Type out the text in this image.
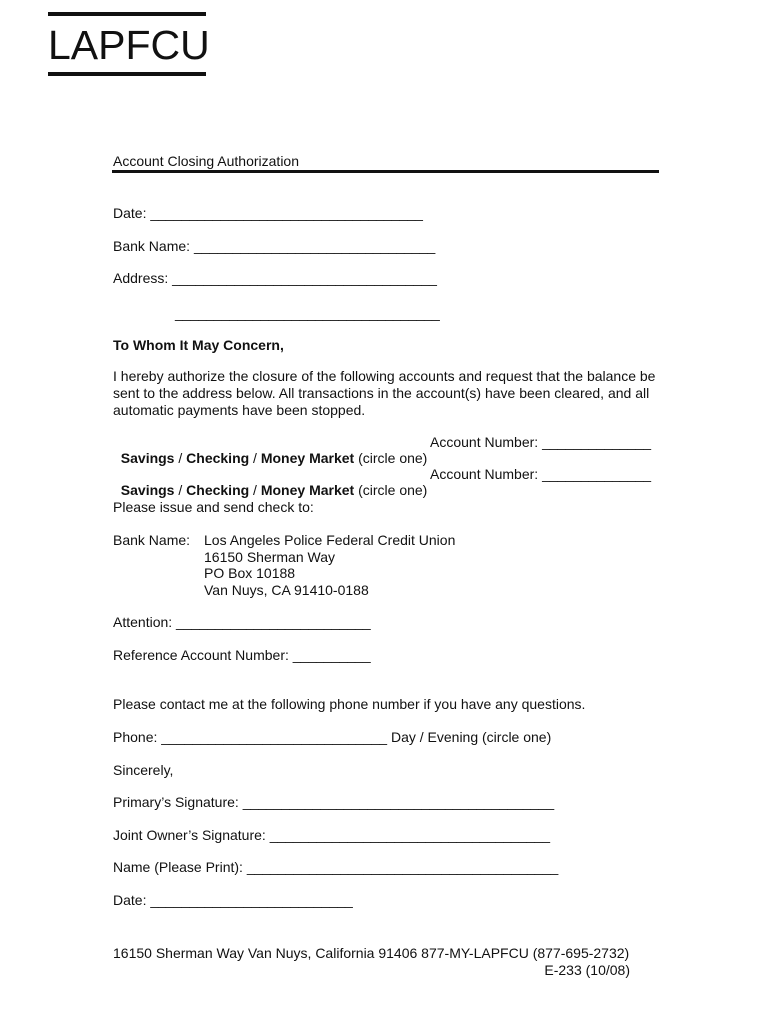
LAPFCU
Account Closing Authorization
Date: ___________________________________
Bank Name: _______________________________
Address: __________________________________
__________________________________
To Whom It May Concern,
I hereby authorize the closure of the following accounts and request that the balance be sent to the address below. All transactions in the account(s) have been cleared, and all automatic payments have been stopped.

Savings / Checking / Money Market (circle one)

Account Number: ______________

Savings / Checking / Money Market (circle one)

Account Number: ______________

Please issue and send check to:
Bank Name: Los Angeles Police Federal Credit Union
16150 Sherman Way
PO Box 10188
Van Nuys, CA 91410-0188
Attention: _________________________
Reference Account Number: __________
Please contact me at the following phone number if you have any questions.
Phone: _____________________________ Day / Evening (circle one)
Sincerely,
Primary’s Signature: ________________________________________
Joint Owner’s Signature: ____________________________________
Name (Please Print): ________________________________________
Date: __________________________
16150 Sherman Way Van Nuys, California 91406 877-MY-LAPFCU (877-695-2732)
E-233 (10/08)
